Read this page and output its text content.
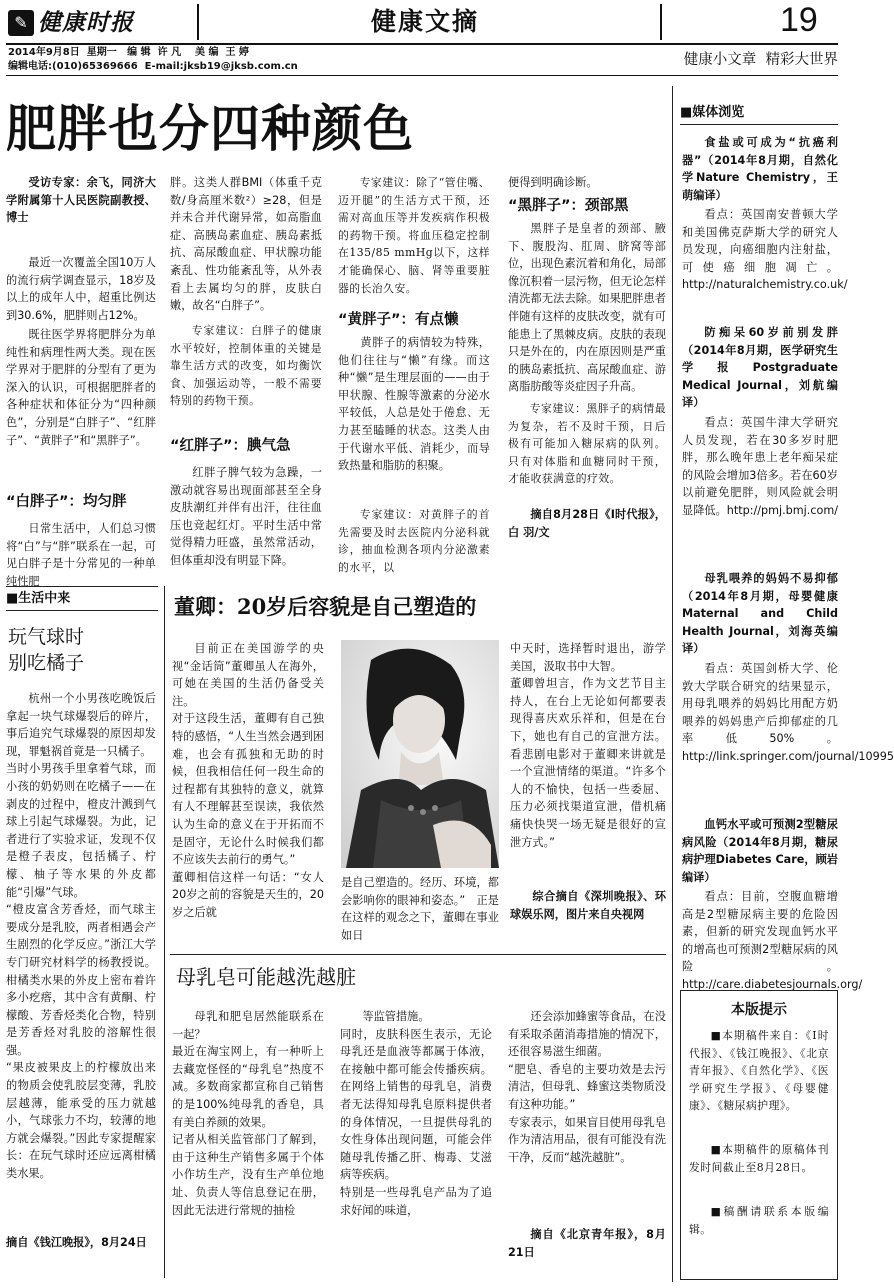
✎ 健康时报	健康文摘	19
2014年9月8日  星期一   编 辑  许 凡    美 编  王 婷
编辑电话:(010)65369666  E-mail:jksb19@jksb.com.cn	健康小文章  精彩大世界
肥胖也分四种颜色
受访专家：余飞，同济大学附属第十人民医院副教授、博士
最近一次覆盖全国10万人的流行病学调查显示，18岁及以上的成年人中，超重比例达到30.6%，肥胖则占12%。
既往医学界将肥胖分为单纯性和病理性两大类。现在医学界对于肥胖的分型有了更为深入的认识，可根据肥胖者的各种症状和体征分为“四种颜色”，分别是“白胖子”、“红胖子”、“黄胖子”和“黑胖子”。
“白胖子”：均匀胖
日常生活中，人们总习惯将“白”与“胖”联系在一起，可见白胖子是十分常见的一种单纯性肥
胖。这类人群BMI（体重千克数/身高厘米数²）≥28，但是并未合并代谢异常，如高脂血症、高胰岛素血症、胰岛素抵抗、高尿酸血症、甲状腺功能紊乱、性功能紊乱等，从外表看上去属均匀的胖，皮肤白嫩，故名“白胖子”。
专家建议：白胖子的健康水平较好，控制体重的关键是靠生活方式的改变，如均衡饮食、加强运动等，一般不需要特别的药物干预。
“红胖子”：腆气急
红胖子脾气较为急躁，一激动就容易出现面部甚至全身皮肤潮红并伴有出汗，往往血压也竞起红灯。平时生活中常觉得精力旺盛，虽然常活动，但体重却没有明显下降。
专家建议：除了“管住嘴、迈开腿”的生活方式干预，还需对高血压等并发疾病作积极的药物干预。将血压稳定控制在135/85 mmHg以下，这样才能确保心、脑、肾等重要脏器的长治久安。
“黄胖子”：有点懒
黄胖子的病情较为特殊，他们往往与“懒”有缘。而这种“懒”是生理层面的——由于甲状腺、性腺等激素的分泌水平较低，人总是处于倦怠、无力甚至瞌睡的状态。这类人由于代谢水平低、消耗少，而导致热量和脂肪的积聚。
专家建议：对黄胖子的首先需要及时去医院内分泌科就诊，抽血检测各项内分泌激素的水平，以
便得到明确诊断。
“黑胖子”：颈部黑
黑胖子是皇者的颈部、腋下、腹股沟、肛周、脐窝等部位，出现色素沉着和角化，局部像沉积着一层污物，但无论怎样清洗都无法去除。如果肥胖患者伴随有这样的皮肤改变，就有可能患上了黑棘皮病。皮肤的表现只是外在的，内在原因则是严重的胰岛素抵抗、高尿酸血症、游离脂肪酸等炎症因子升高。
专家建议：黑胖子的病情最为复杂，若不及时干预，日后极有可能加入糖尿病的队列。只有对体脂和血糖同时干预，才能收获满意的疗效。
摘自8月28日《I时代报》，白 羽/文
■生活中来
玩气球时
别吃橘子
杭州一个小男孩吃晚饭后拿起一块气球爆裂后的碎片，事后追究气球爆裂的原因却发现，罪魁祸首竟是一只橘子。
当时小男孩手里拿着气球，而小孩的奶奶则在吃橘子——在剥皮的过程中，橙皮汁溅到气球上引起气球爆裂。为此，记者进行了实验求证，发现不仅是橙子表皮，包括橘子、柠檬、柚子等水果的外皮都能“引爆”气球。
“橙皮富含芳香烃，而气球主要成分是乳胶，两者相遇会产生剧烈的化学反应。”浙江大学专门研究材料学的杨教授说。柑橘类水果的外皮上密布着许多小疙瘩，其中含有黄酮、柠檬酸、芳香烃类化合物，特别是芳香烃对乳胶的溶解性很强。
“果皮被果皮上的柠檬放出来的物质会使乳胶层变薄，乳胶层越薄，能承受的压力就越小，气球张力不均，较薄的地方就会爆裂。”因此专家提醒家长：在玩气球时还应远离柑橘类水果。
摘自《钱江晚报》，8月24日
董卿：20岁后容貌是自己塑造的
目前正在美国游学的央视“金话筒”董卿虽人在海外，可她在美国的生活仍备受关注。
对于这段生活，董卿有自己独特的感悟，“人生当然会遇到困难，也会有孤独和无助的时候，但我相信任何一段生命的过程都有其独特的意义，就算有人不理解甚至误读，我依然认为生命的意义在于开拓而不是固守，无论什么时候我们都不应该失去前行的勇气。”
董卿相信这样一句话：“女人20岁之前的容貌是天生的，20岁之后就
是自己塑造的。经历、环境，都会影响你的眼神和姿态。”　正是在这样的观念之下，董卿在事业如日
中天时，选择暂时退出，游学美国，汲取书中大智。
董卿曾坦言，作为文艺节目主持人，在台上无论如何都要表现得喜庆欢乐祥和，但是在台下，她也有自己的宣泄方法。看悲剧电影对于董卿来讲就是一个宣泄情绪的渠道。“许多个人的不愉快，包括一些委屈、压力必须找渠道宣泄，借机痛痛快快哭一场无疑是很好的宣泄方式。”
综合摘自《深圳晚报》、环球娱乐网，图片来自央视网
母乳皂可能越洗越脏
母乳和肥皂居然能联系在一起？
最近在淘宝网上，有一种听上去藏宽怪怪的“母乳皂”热度不减。多数商家都宣称自己销售的是100%纯母乳的香皂，具有美白养颜的效果。
记者从相关监管部门了解到，由于这种生产销售多属于个体小作坊生产，没有生产单位地址、负责人等信息登记在册，因此无法进行常规的抽检
等监管措施。
同时，皮肤科医生表示，无论母乳还是血液等都属于体液，在接触中都可能会传播疾病。在网络上销售的母乳皂，消费者无法得知母乳皂原料提供者的身体情况，一旦提供母乳的女性身体出现问题，可能会伴随母乳传播乙肝、梅毒、艾滋病等疾病。
特别是一些母乳皂产品为了追求好闻的味道，
还会添加蜂蜜等食品，在没有采取杀菌消毒措施的情况下，还很容易滋生细菌。
“肥皂、香皂的主要功效是去污清洁，但母乳、蜂蜜这类物质没有这种功能。”
专家表示，如果盲目使用母乳皂作为清洁用品，很有可能没有洗干净，反而“越洗越脏”。
摘自《北京青年报》，8月21日
■媒体浏览
食盐或可成为“抗癌利器”（2014年8月期，自然化学Nature Chemistry，王萌编译）
看点：英国南安普顿大学和美国佛克萨斯大学的研究人员发现，向癌细胞内注射盐，可使癌细胞凋亡。http://naturalchemistry.co.uk/
防痴呆60岁前别发胖（2014年8月期，医学研究生学报Postgraduate Medical Journal，刘航编译）
看点：英国牛津大学研究人员发现，若在30多岁时肥胖，那么晚年患上老年痴呆症的风险会增加3倍多。若在60岁以前避免肥胖，则风险就会明显降低。http://pmj.bmj.com/
母乳喂养的妈妈不易抑郁（2014年8月期，母婴健康Maternal and Child Health Journal，刘海英编译）
看点：英国剑桥大学、伦敦大学联合研究的结果显示，用母乳喂养的妈妈比用配方奶喂养的妈妈患产后抑郁症的几率低50%。http://link.springer.com/journal/10995
血钙水平或可预测2型糖尿病风险（2014年8月期，糖尿病护理Diabetes Care，顾岩编译）
看点：目前，空腹血糖增高是2型糖尿病主要的危险因素，但新的研究发现血钙水平的增高也可预测2型糖尿病的风险。http://care.diabetesjournals.org/
本版提示
■本期稿件来自：《I时代报》、《钱江晚报》、《北京青年报》、《自然化学》、《医学研究生学报》、《母婴健康》、《糖尿病护理》。
■本期稿件的原稿体刊发时间截止至8月28日。
■稿酬请联系本版编辑。
